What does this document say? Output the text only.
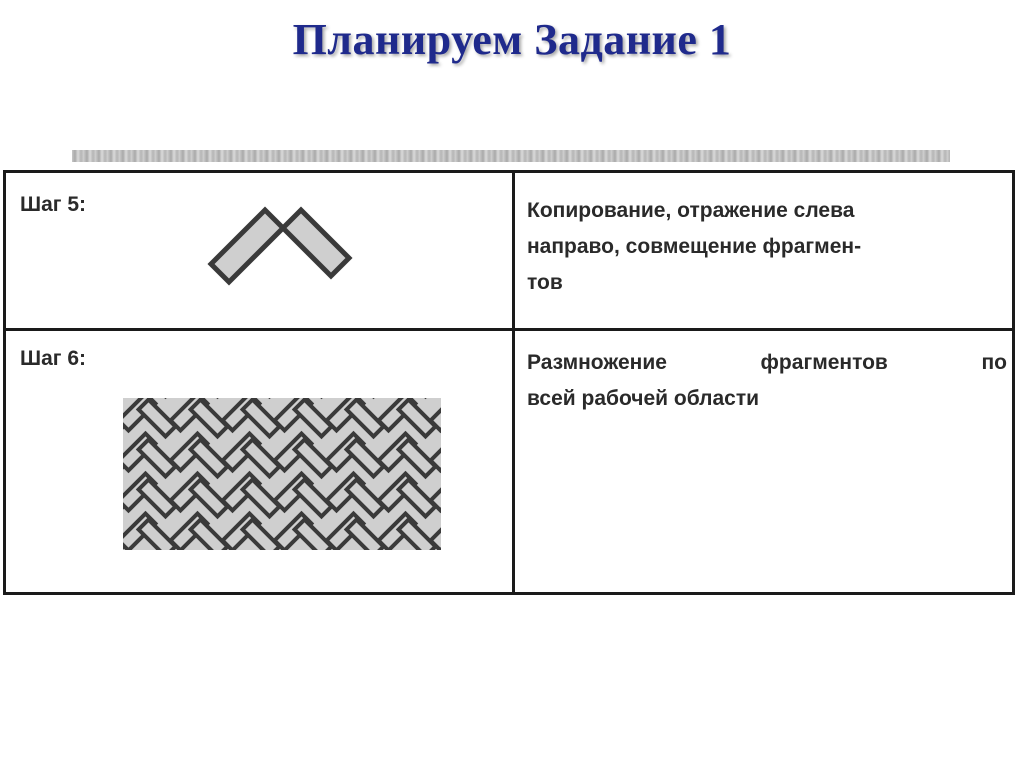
Планируем Задание 1
Шаг 5:	Копирование, отражение слева
направо, совмещение фрагмен-
тов
Шаг 6:	Размножение фрагментов по
всей рабочей области
